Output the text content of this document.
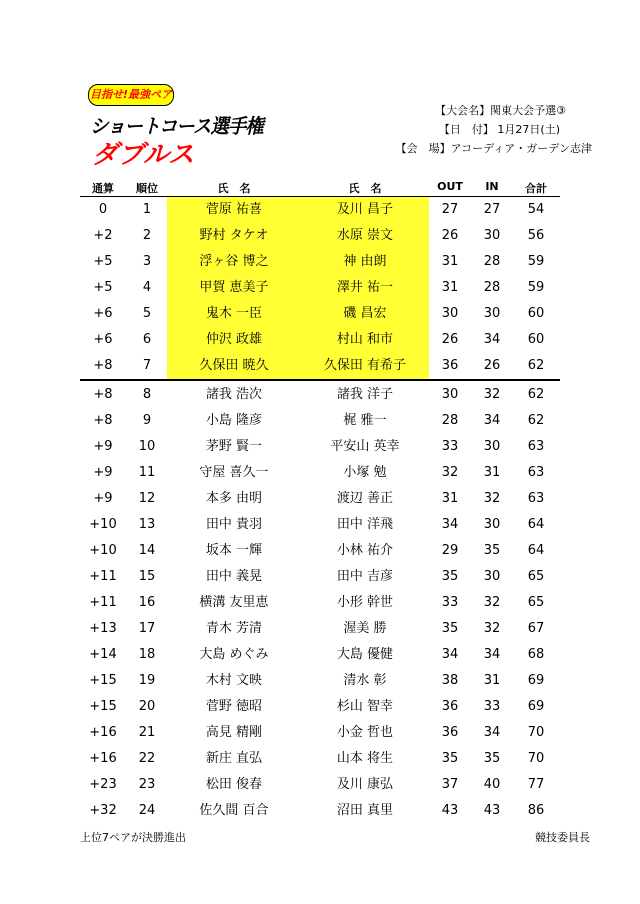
目指せ!最強ペア
ショートコース選手権
ダブルス
【大会名】関東大会予選③
【日　付】 1月27日(土)
【会　場】アコーディア・ガーデン志津
通算	順位	氏　名	氏　名	OUT	IN	合計
0	1	菅原 祐喜	及川 昌子	27	27	54
+2	2	野村 タケオ	水原 崇文	26	30	56
+5	3	浮ヶ谷 博之	神 由朗	31	28	59
+5	4	甲賀 恵美子	澤井 祐一	31	28	59
+6	5	鬼木 一臣	磯 昌宏	30	30	60
+6	6	仲沢 政雄	村山 和市	26	34	60
+8	7	久保田 暁久	久保田 有希子	36	26	62
+8	8	諸我 浩次	諸我 洋子	30	32	62
+8	9	小島 隆彦	梶 雅一	28	34	62
+9	10	茅野 賢一	平安山 英幸	33	30	63
+9	11	守屋 喜久一	小塚 勉	32	31	63
+9	12	本多 由明	渡辺 善正	31	32	63
+10	13	田中 貴羽	田中 洋飛	34	30	64
+10	14	坂本 一輝	小林 祐介	29	35	64
+11	15	田中 義晃	田中 吉彦	35	30	65
+11	16	横溝 友里恵	小形 幹世	33	32	65
+13	17	青木 芳清	渥美 勝	35	32	67
+14	18	大島 めぐみ	大島 優健	34	34	68
+15	19	木村 文映	清水 彰	38	31	69
+15	20	菅野 徳昭	杉山 智幸	36	33	69
+16	21	高見 精剛	小金 哲也	36	34	70
+16	22	新庄 直弘	山本 将生	35	35	70
+23	23	松田 俊春	及川 康弘	37	40	77
+32	24	佐久間 百合	沼田 真里	43	43	86
上位7ペアが決勝進出	競技委員長
